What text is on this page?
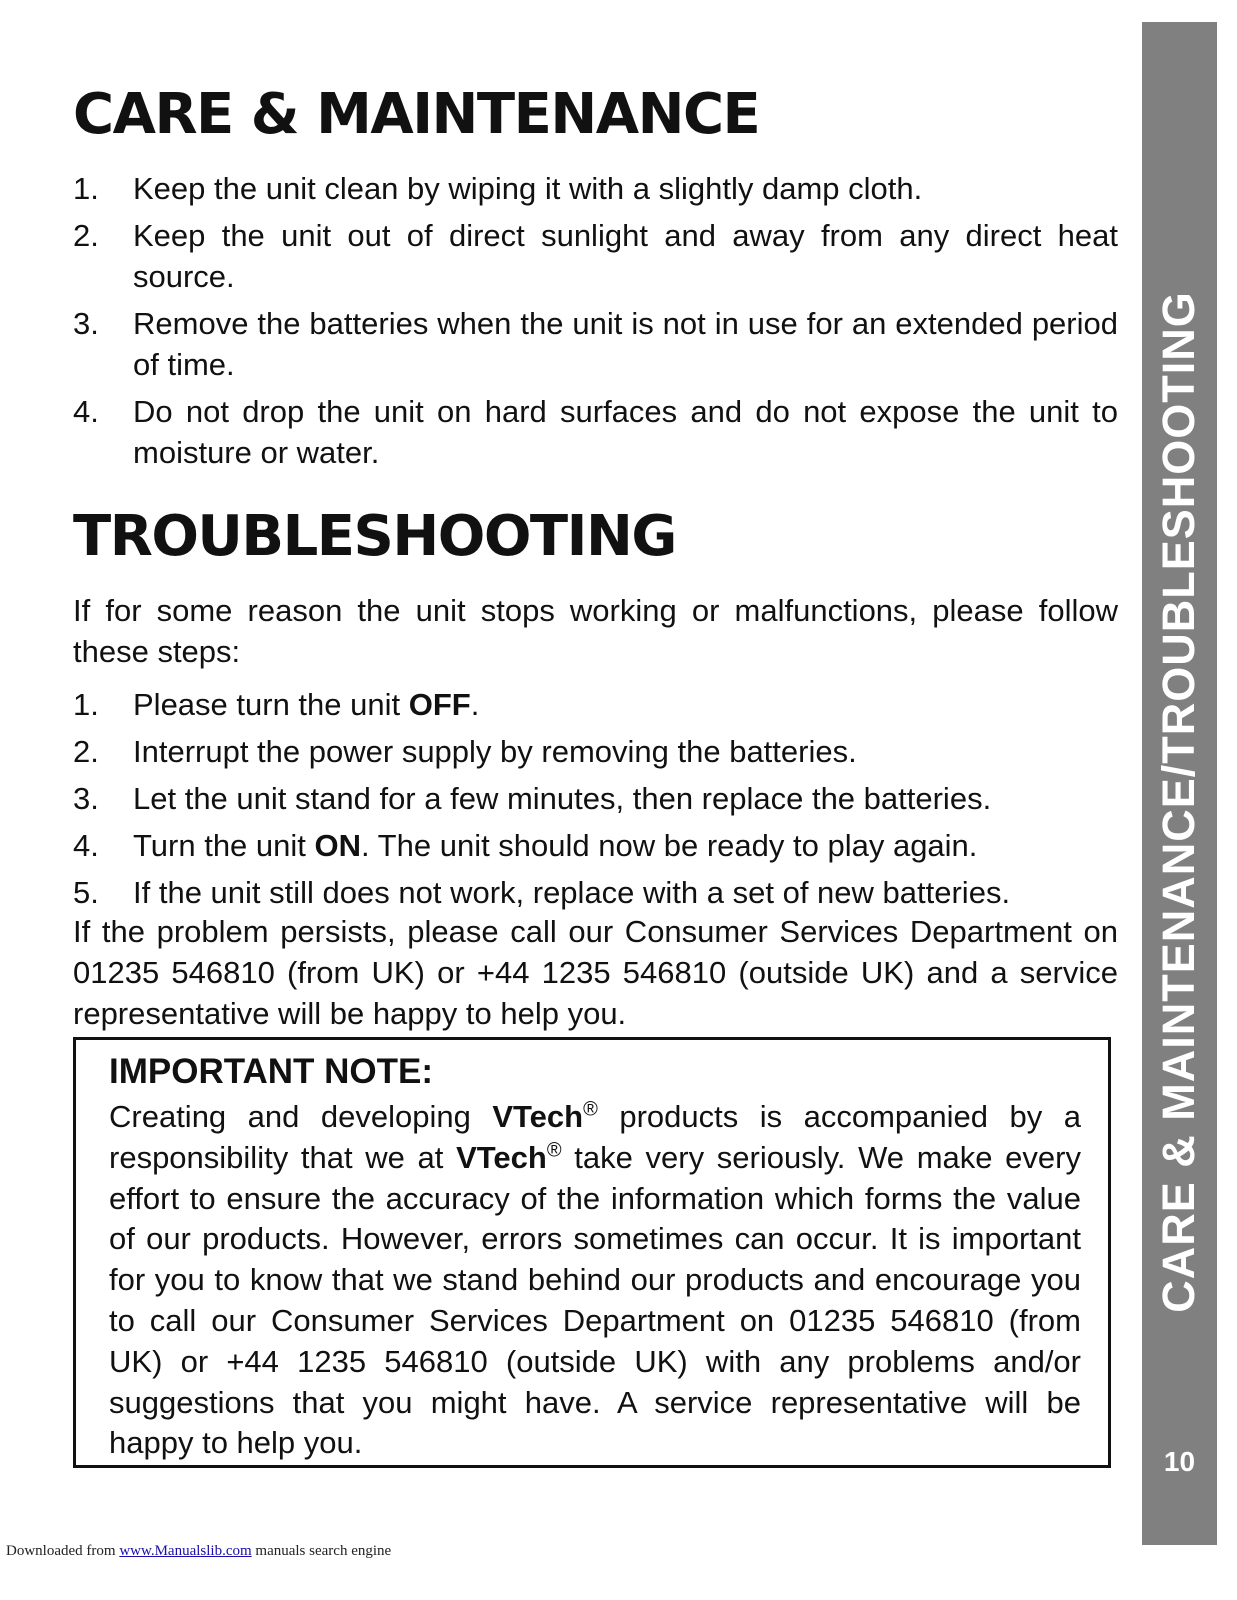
CARE & MAINTENANCE
1. Keep the unit clean by wiping it with a slightly damp cloth.
2. Keep the unit out of direct sunlight and away from any direct heat source.
3. Remove the batteries when the unit is not in use for an extended period of time.
4. Do not drop the unit on hard surfaces and do not expose the unit to moisture or water.
TROUBLESHOOTING

If for some reason the unit stops working or malfunctions, please follow these steps:

1. Please turn the unit OFF.
2. Interrupt the power supply by removing the batteries.
3. Let the unit stand for a few minutes, then replace the batteries.
4. Turn the unit ON. The unit should now be ready to play again.
5. If the unit still does not work, replace with a set of new batteries.

If the problem persists, please call our Consumer Services Department on 01235 546810 (from UK) or +44 1235 546810 (outside UK) and a service representative will be happy to help you.

IMPORTANT NOTE:

Creating and developing VTech® products is accompanied by a responsibility that we at VTech® take very seriously. We make every effort to ensure the accuracy of the information which forms the value of our products. However, errors sometimes can occur. It is important for you to know that we stand behind our products and encourage you to call our Consumer Services Department on 01235 546810 (from UK) or +44 1235 546810 (outside UK) with any problems and/or suggestions that you might have. A service representative will be happy to help you.

CARE & MAINTENANCE/TROUBLESHOOTING
10
Downloaded from www.Manualslib.com manuals search engine
